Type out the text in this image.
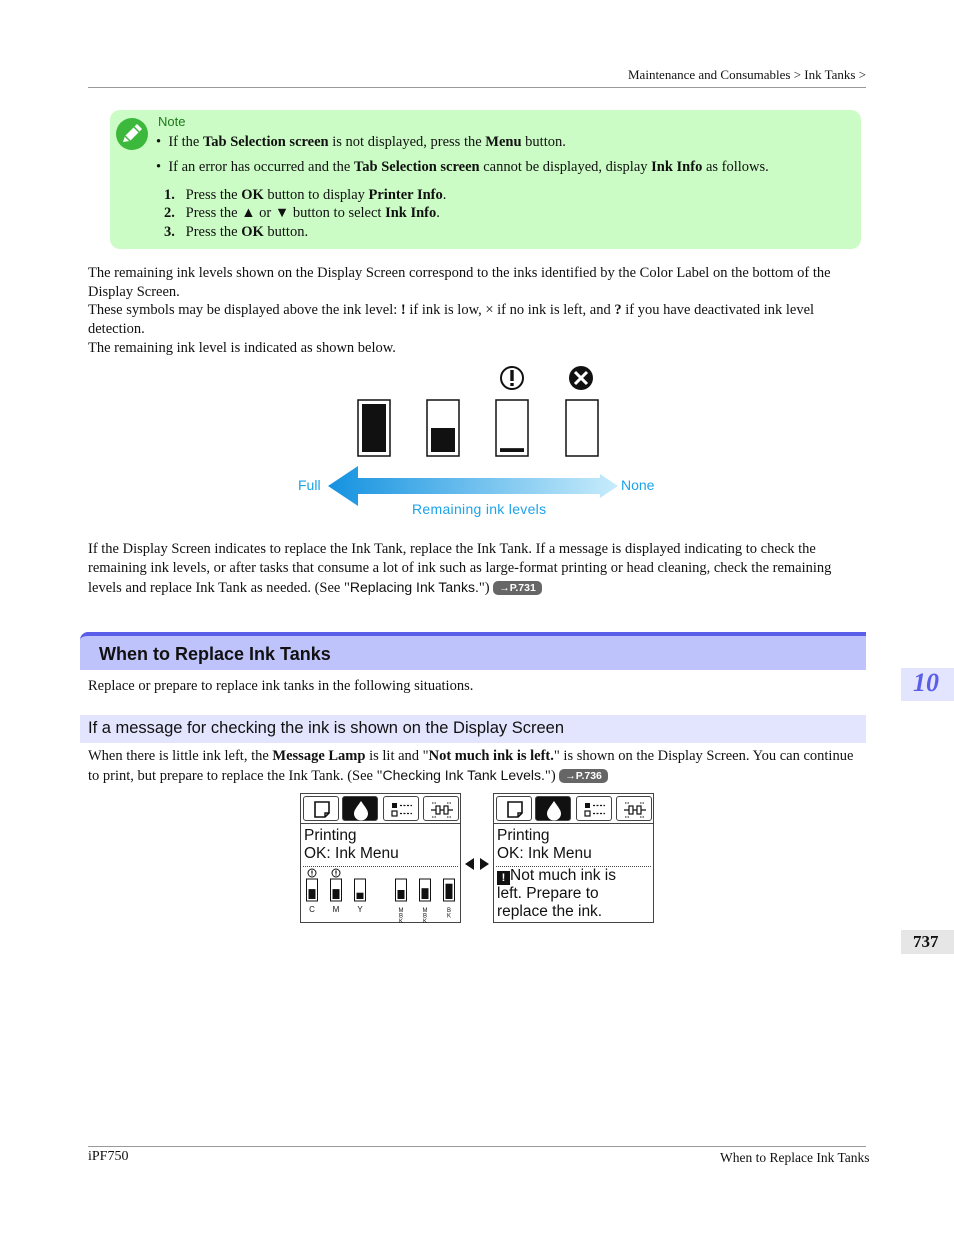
Maintenance and Consumables > Ink Tanks >
Note
•  If the Tab Selection screen is not displayed, press the Menu button.
•  If an error has occurred and the Tab Selection screen cannot be displayed, display Ink Info as follows.
1. Press the OK button to display Printer Info.
2. Press the ▲ or ▼ button to select Ink Info.
3. Press the OK button.
The remaining ink levels shown on the Display Screen correspond to the inks identified by the Color Label on the bottom of the Display Screen.
These symbols may be displayed above the ink level: ! if ink is low, × if no ink is left, and ? if you have deactivated ink level detection.
The remaining ink level is indicated as shown below.
Full	None
Remaining ink levels
If the Display Screen indicates to replace the Ink Tank, replace the Ink Tank. If a message is displayed indicating to check the remaining ink levels, or after tasks that consume a lot of ink such as large-format printing or head cleaning, check the remaining levels and replace Ink Tank as needed. (See "Replacing Ink Tanks.") →P.731
When to Replace Ink Tanks
Replace or prepare to replace ink tanks in the following situations.	10
If a message for checking the ink is shown on the Display Screen
When there is little ink left, the Message Lamp is lit and "Not much ink is left." is shown on the Display Screen. You can continue to print, but prepare to replace the Ink Tank. (See "Checking Ink Tank Levels.") →P.736
737
Printing
OK: Ink Menu
C M Y	M
B
K
M
B
K
B
K
Printing
OK: Ink Menu
! Not much ink is
left. Prepare to
replace the ink.
iPF750	When to Replace Ink Tanks
